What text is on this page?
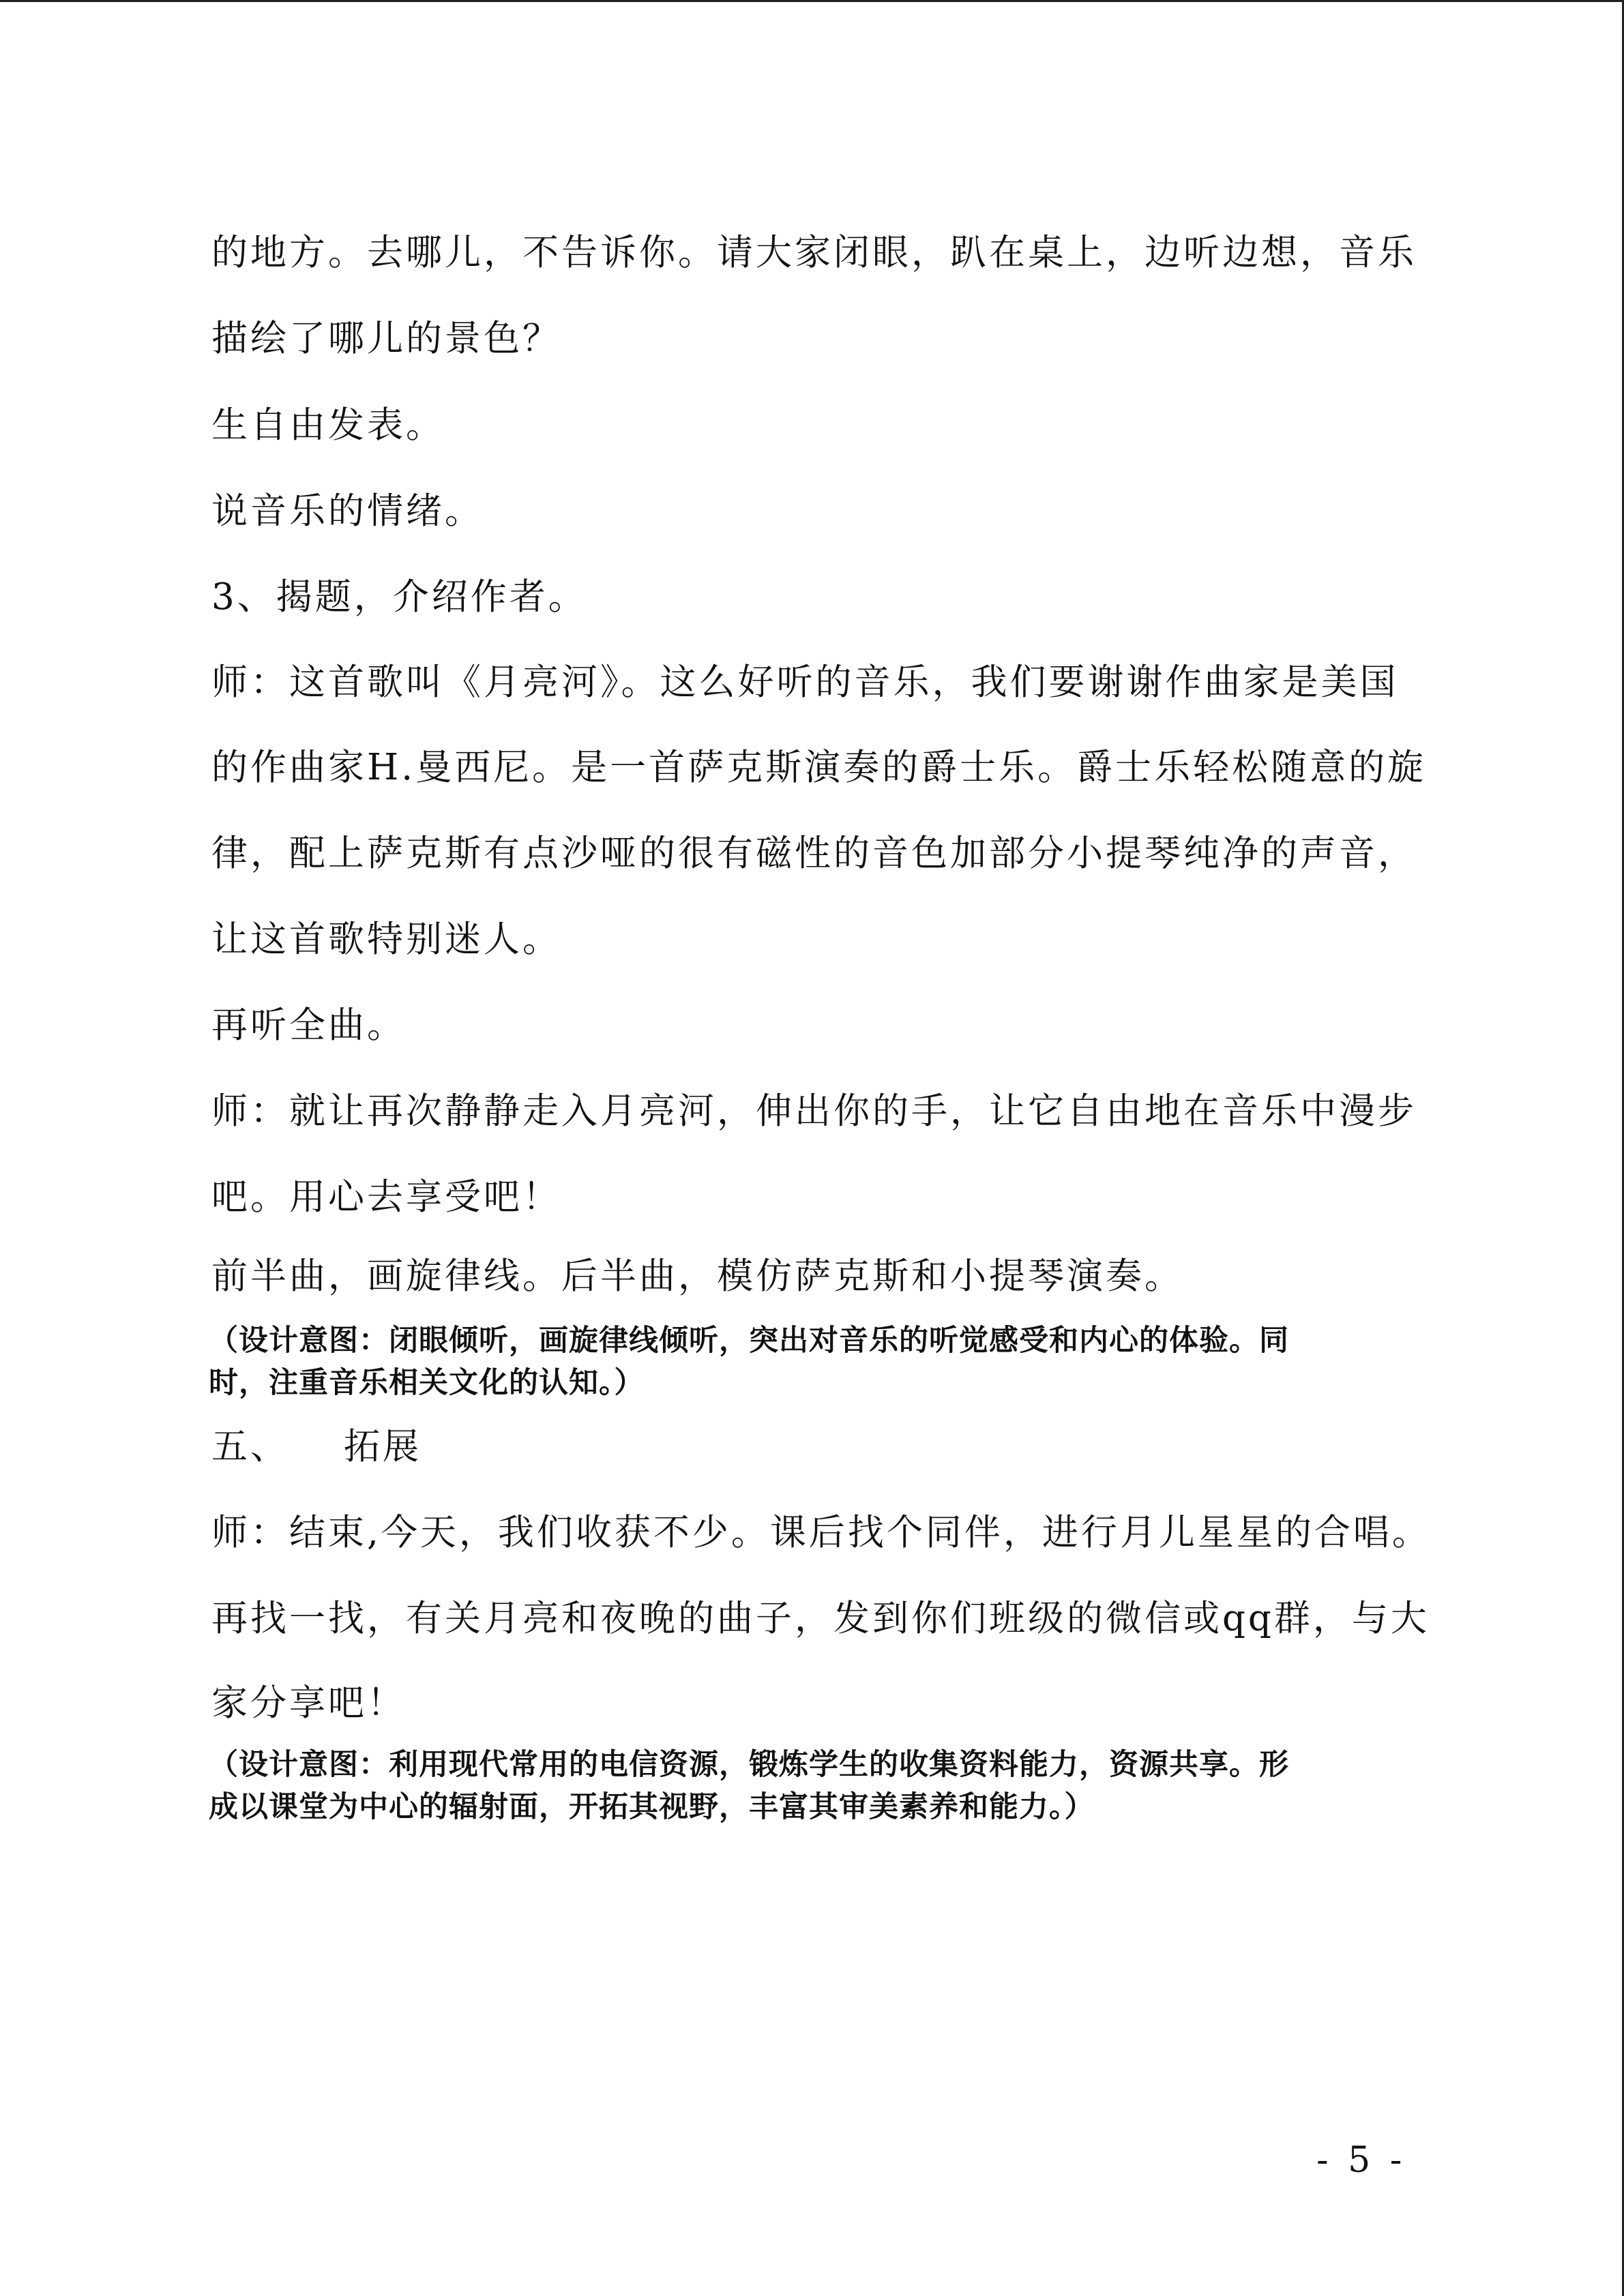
的地方。去哪儿，不告诉你。请大家闭眼，趴在桌上，边听边想，音乐
描绘了哪儿的景色？
生自由发表。
说音乐的情绪。
3、揭题，介绍作者。
师：这首歌叫《月亮河》。这么好听的音乐，我们要谢谢作曲家是美国
的作曲家H.曼西尼。是一首萨克斯演奏的爵士乐。爵士乐轻松随意的旋
律，配上萨克斯有点沙哑的很有磁性的音色加部分小提琴纯净的声音，
让这首歌特别迷人。
再听全曲。
师：就让再次静静走入月亮河，伸出你的手，让它自由地在音乐中漫步
吧。用心去享受吧！
前半曲，画旋律线。后半曲，模仿萨克斯和小提琴演奏。
（设计意图：闭眼倾听，画旋律线倾听，突出对音乐的听觉感受和内心的体验。同
时，注重音乐相关文化的认知。）
五、 拓展
师：结束,今天，我们收获不少。课后找个同伴，进行月儿星星的合唱。
再找一找，有关月亮和夜晚的曲子，发到你们班级的微信或qq群，与大
家分享吧！
（设计意图：利用现代常用的电信资源，锻炼学生的收集资料能力，资源共享。形
成以课堂为中心的辐射面，开拓其视野，丰富其审美素养和能力。）
- 5 -
